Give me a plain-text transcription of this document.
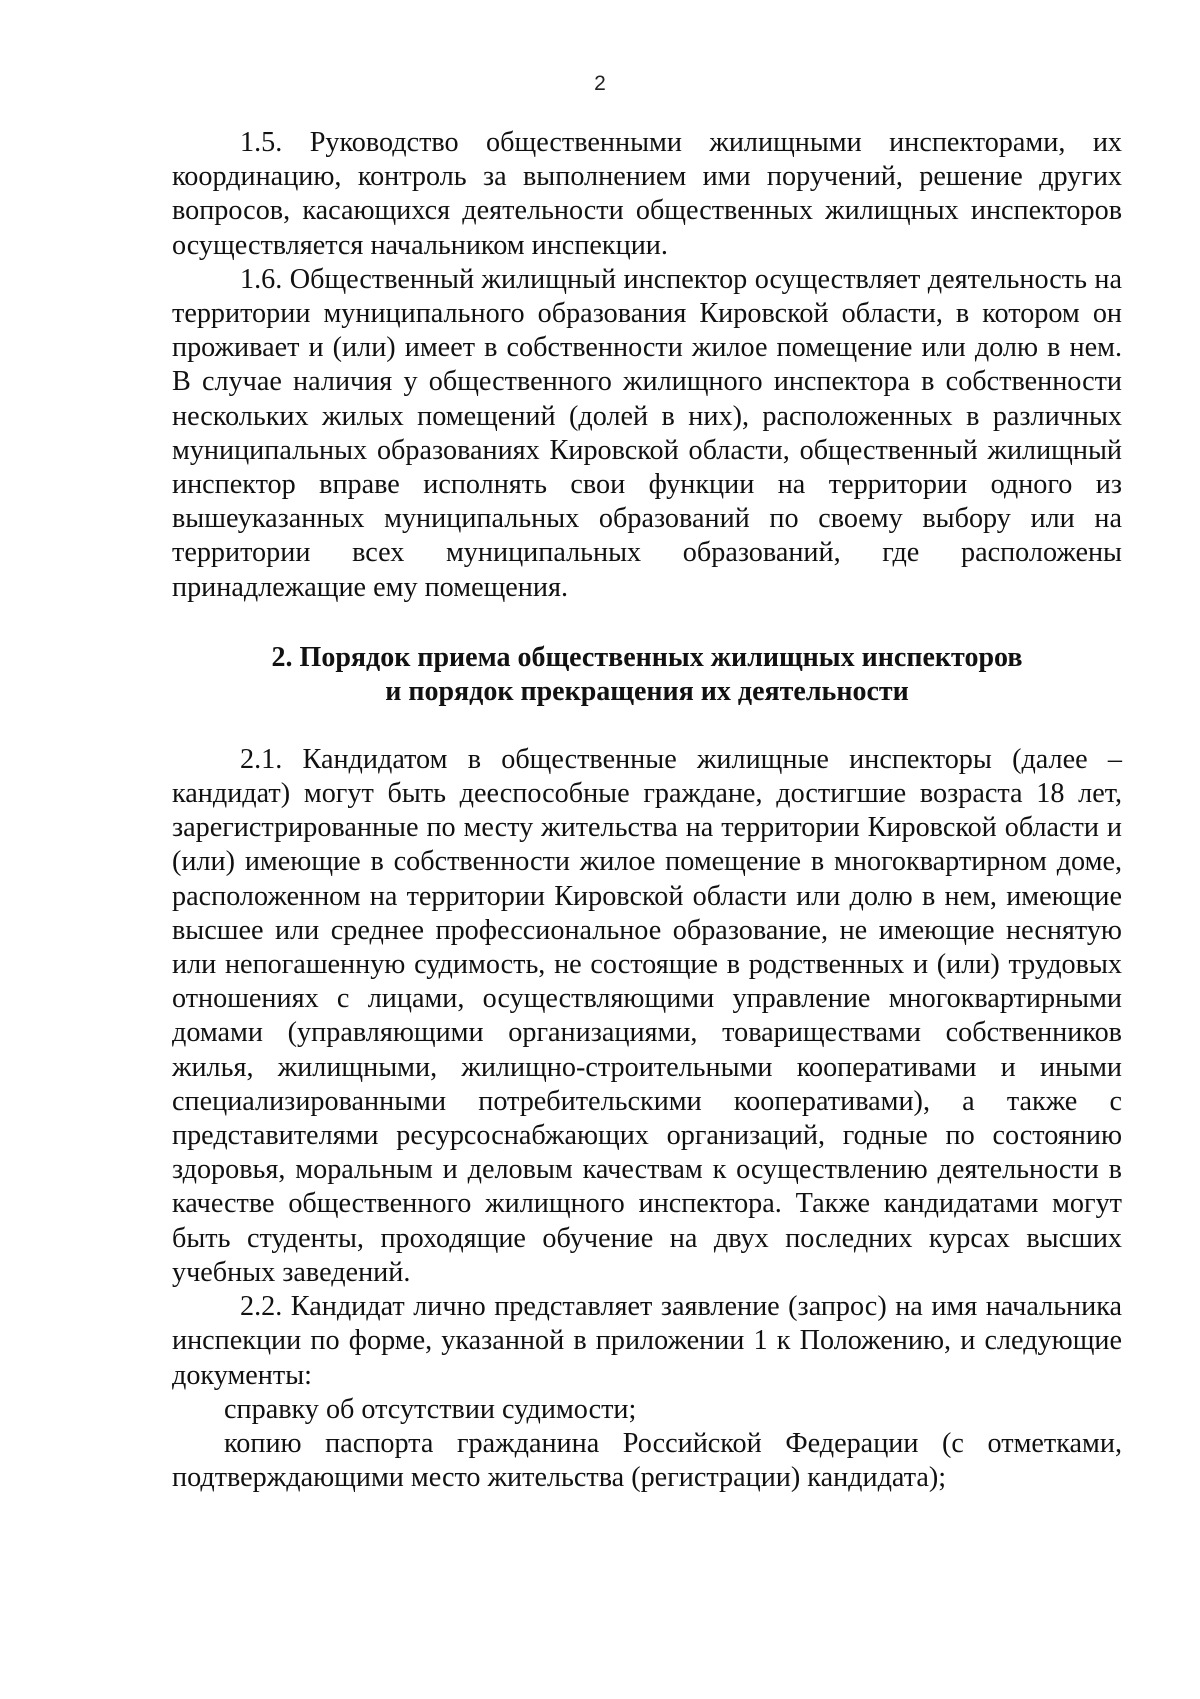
2

1.5. Руководство общественными жилищными инспекторами, их координацию, контроль за выполнением ими поручений, решение других вопросов, касающихся деятельности общественных жилищных инспекторов осуществляется начальником инспекции.

1.6. Общественный жилищный инспектор осуществляет деятельность на территории муниципального образования Кировской области, в котором он проживает и (или) имеет в собственности жилое помещение или долю в нем. В случае наличия у общественного жилищного инспектора в собственности нескольких жилых помещений (долей в них), расположенных в различных муниципальных образованиях Кировской области, общественный жилищный инспектор вправе исполнять свои функции на территории одного из вышеуказанных муниципальных образований по своему выбору или на территории всех муниципальных образований, где расположены принадлежащие ему помещения.

2. Порядок приема общественных жилищных инспекторов
и порядок прекращения их деятельности

2.1. Кандидатом в общественные жилищные инспекторы (далее – кандидат) могут быть дееспособные граждане, достигшие возраста 18 лет, зарегистрированные по месту жительства на территории Кировской области и (или) имеющие в собственности жилое помещение в многоквартирном доме, расположенном на территории Кировской области или долю в нем, имеющие высшее или среднее профессиональное образование, не имеющие неснятую или непогашенную судимость, не состоящие в родственных и (или) трудовых отношениях с лицами, осуществляющими управление многоквартирными домами (управляющими организациями, товариществами собственников жилья, жилищными, жилищно-строительными кооперативами и иными специализированными потребительскими кооперативами), а также с представителями ресурсоснабжающих организаций, годные по состоянию здоровья, моральным и деловым качествам к осуществлению деятельности в качестве общественного жилищного инспектора. Также кандидатами могут быть студенты, проходящие обучение на двух последних курсах высших учебных заведений.

2.2. Кандидат лично представляет заявление (запрос) на имя начальника инспекции по форме, указанной в приложении 1 к Положению, и следующие документы:

справку об отсутствии судимости;

копию паспорта гражданина Российской Федерации (с отметками, подтверждающими место жительства (регистрации) кандидата);
